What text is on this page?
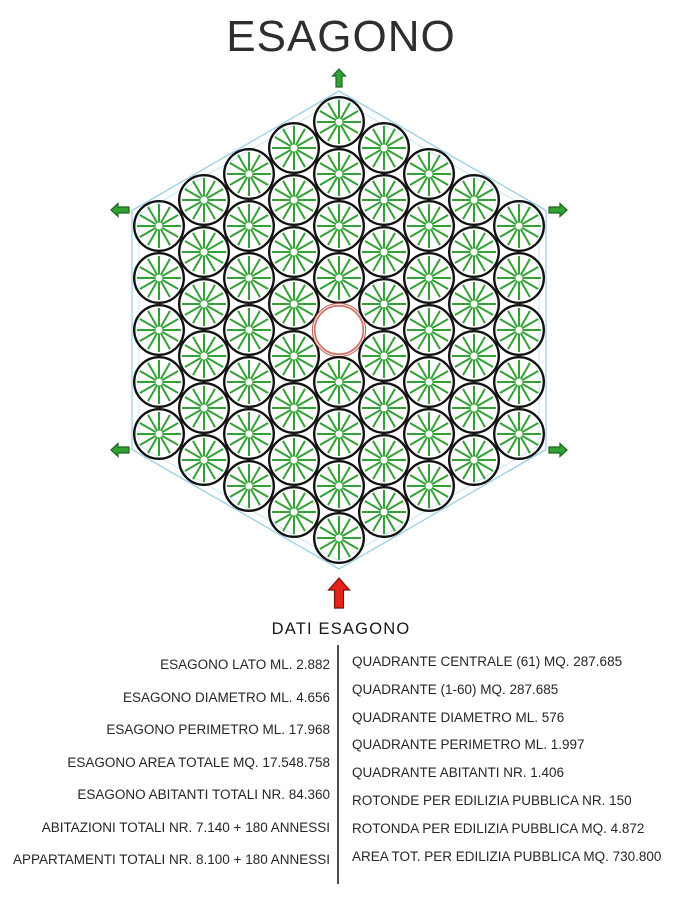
ESAGONO
DATI ESAGONO
ESAGONO LATO ML. 2.882
ESAGONO DIAMETRO ML. 4.656
ESAGONO PERIMETRO ML. 17.968
ESAGONO AREA TOTALE MQ. 17.548.758
ESAGONO ABITANTI TOTALI NR. 84.360
ABITAZIONI TOTALI NR. 7.140 + 180 ANNESSI
APPARTAMENTI TOTALI NR. 8.100 + 180 ANNESSI
QUADRANTE CENTRALE (61) MQ. 287.685
QUADRANTE (1-60) MQ. 287.685
QUADRANTE DIAMETRO ML. 576
QUADRANTE PERIMETRO ML. 1.997
QUADRANTE ABITANTI NR. 1.406
ROTONDE PER EDILIZIA PUBBLICA NR. 150
ROTONDA PER EDILIZIA PUBBLICA MQ. 4.872
AREA TOT. PER EDILIZIA PUBBLICA MQ. 730.800
